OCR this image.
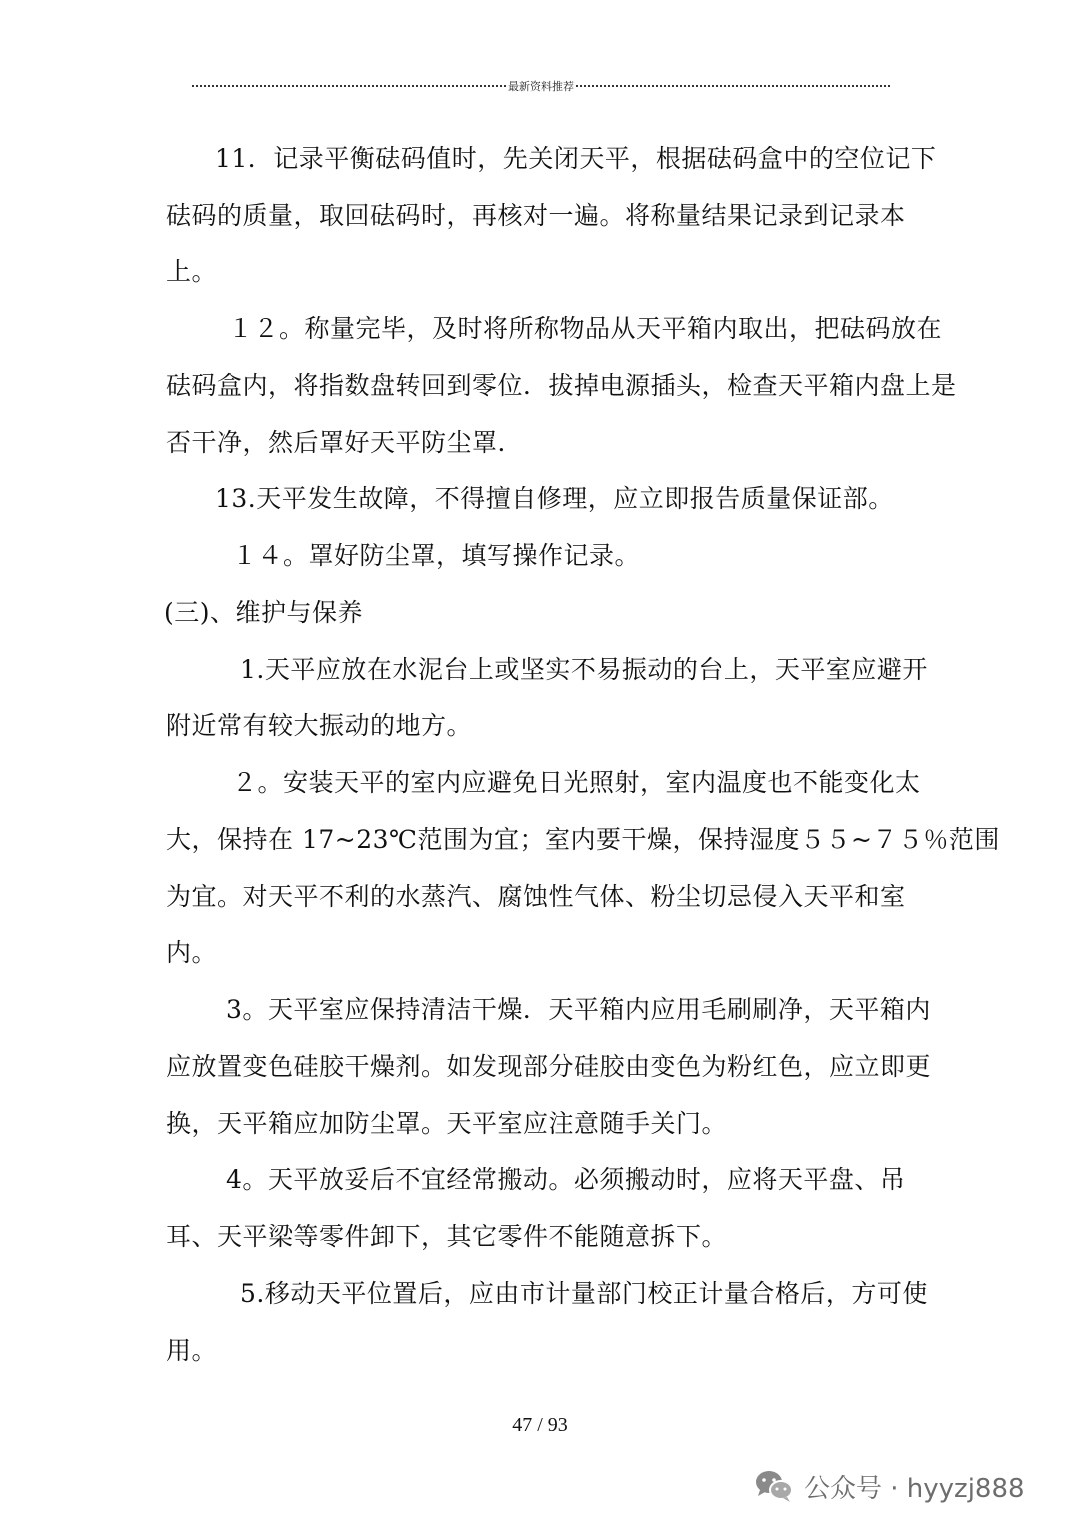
最新资料推荐
11．记录平衡砝码值时，先关闭天平，根据砝码盒中的空位记下
砝码的质量，取回砝码时，再核对一遍。将称量结果记录到记录本
上。
１２。称量完毕，及时将所称物品从天平箱内取出，把砝码放在
砝码盒内，将指数盘转回到零位．拔掉电源插头，检查天平箱内盘上是
否干净，然后罩好天平防尘罩．
13.天平发生故障，不得擅自修理，应立即报告质量保证部。
１４。罩好防尘罩，填写操作记录。
(三)、维护与保养
1.天平应放在水泥台上或坚实不易振动的台上，天平室应避开
附近常有较大振动的地方。
２。安装天平的室内应避免日光照射，室内温度也不能变化太
大，保持在 17~23℃范围为宜；室内要干燥，保持湿度５５~７５％范围
为宜。对天平不利的水蒸汽、腐蚀性气体、粉尘切忌侵入天平和室
内。
3。天平室应保持清洁干燥．天平箱内应用毛刷刷净，天平箱内
应放置变色硅胶干燥剂。如发现部分硅胶由变色为粉红色，应立即更
换，天平箱应加防尘罩。天平室应注意随手关门。
4。天平放妥后不宜经常搬动。必须搬动时，应将天平盘、吊
耳、天平梁等零件卸下，其它零件不能随意拆下。
5.移动天平位置后，应由市计量部门校正计量合格后，方可使
用。
47 / 93
公众号 · hyyzj888
